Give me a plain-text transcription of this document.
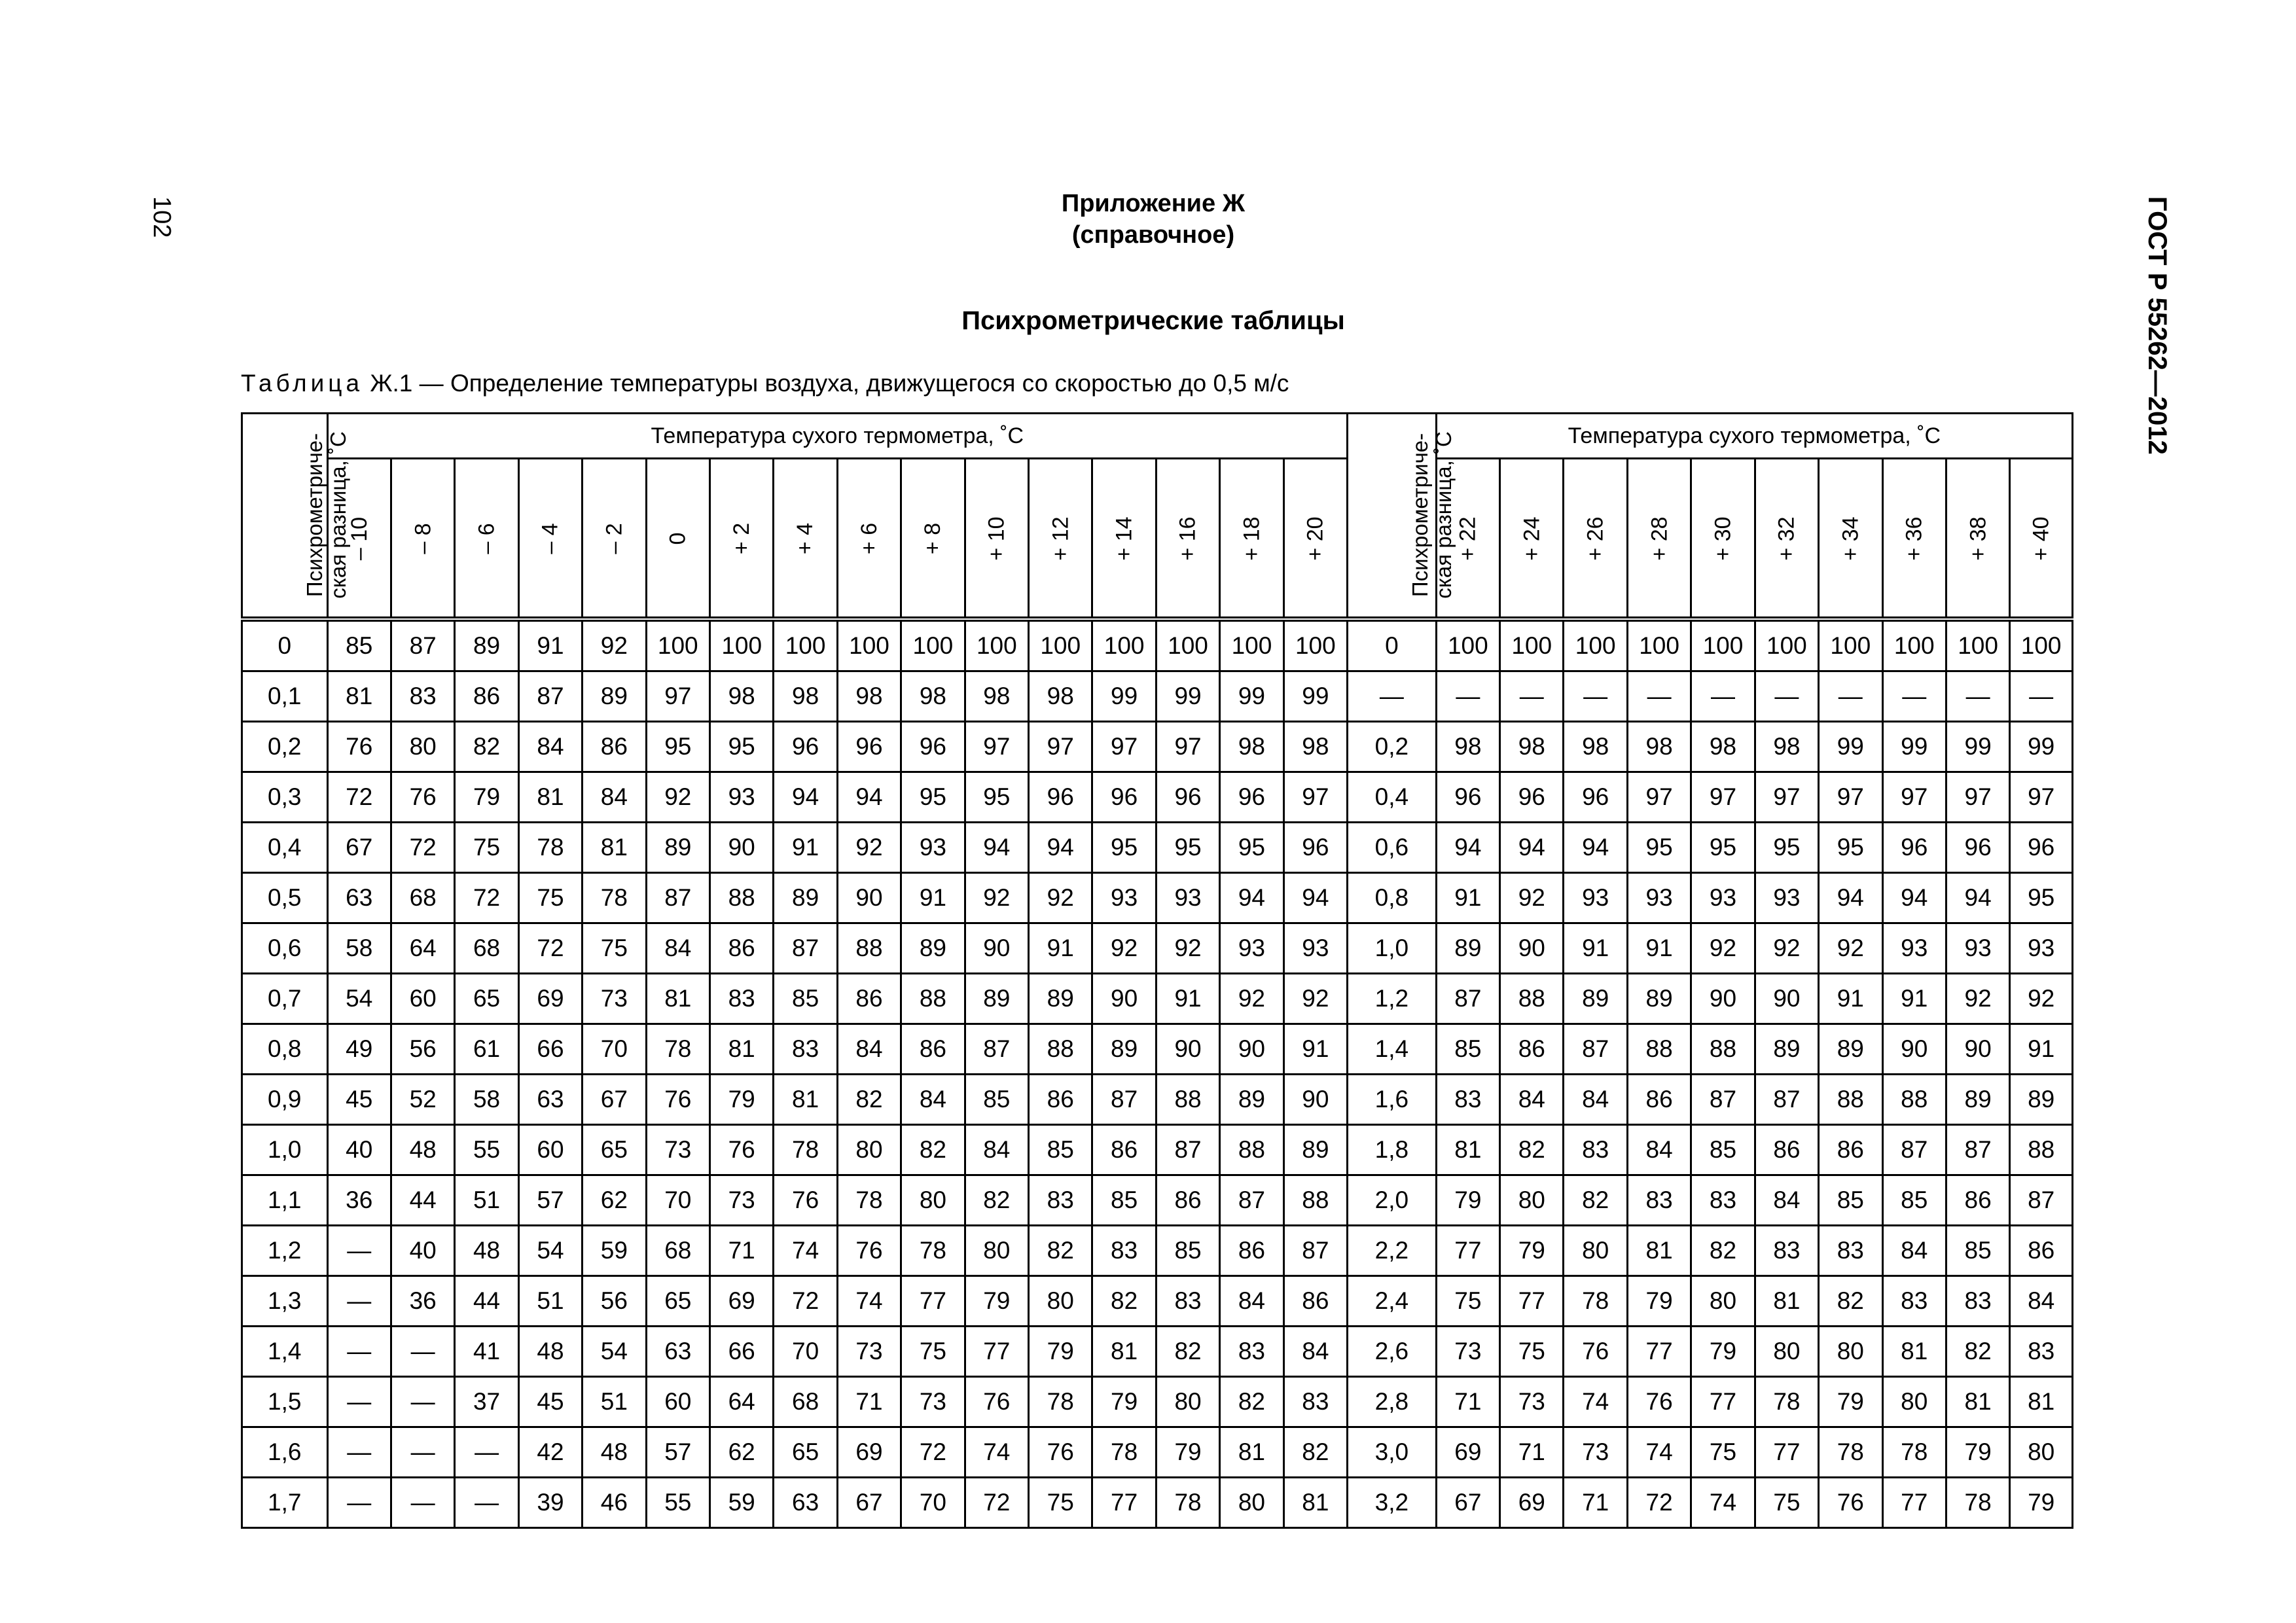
102	ГОСТ Р 55262—2012
Приложение Ж
(справочное)
Психрометрические таблицы
Таблица Ж.1 — Определение температуры воздуха, движущегося со скоростью до 0,5 м/с
Психрометриче-
ская разница, ˚С	Температура сухого термометра, ˚С																Психрометриче-
ская разница, ˚С	Температура сухого термометра, ˚С									
	– 10	– 8	– 6	– 4	– 2	0	+ 2	+ 4	+ 6	+ 8	+ 10	+ 12	+ 14	+ 16	+ 18	+ 20		+ 22	+ 24	+ 26	+ 28	+ 30	+ 32	+ 34	+ 36	+ 38	+ 40
0	85	87	89	91	92	100	100	100	100	100	100	100	100	100	100	100	0	100	100	100	100	100	100	100	100	100	100
0,1	81	83	86	87	89	97	98	98	98	98	98	98	99	99	99	99	—	—	—	—	—	—	—	—	—	—	—
0,2	76	80	82	84	86	95	95	96	96	96	97	97	97	97	98	98	0,2	98	98	98	98	98	98	99	99	99	99
0,3	72	76	79	81	84	92	93	94	94	95	95	96	96	96	96	97	0,4	96	96	96	97	97	97	97	97	97	97
0,4	67	72	75	78	81	89	90	91	92	93	94	94	95	95	95	96	0,6	94	94	94	95	95	95	95	96	96	96
0,5	63	68	72	75	78	87	88	89	90	91	92	92	93	93	94	94	0,8	91	92	93	93	93	93	94	94	94	95
0,6	58	64	68	72	75	84	86	87	88	89	90	91	92	92	93	93	1,0	89	90	91	91	92	92	92	93	93	93
0,7	54	60	65	69	73	81	83	85	86	88	89	89	90	91	92	92	1,2	87	88	89	89	90	90	91	91	92	92
0,8	49	56	61	66	70	78	81	83	84	86	87	88	89	90	90	91	1,4	85	86	87	88	88	89	89	90	90	91
0,9	45	52	58	63	67	76	79	81	82	84	85	86	87	88	89	90	1,6	83	84	84	86	87	87	88	88	89	89
1,0	40	48	55	60	65	73	76	78	80	82	84	85	86	87	88	89	1,8	81	82	83	84	85	86	86	87	87	88
1,1	36	44	51	57	62	70	73	76	78	80	82	83	85	86	87	88	2,0	79	80	82	83	83	84	85	85	86	87
1,2	—	40	48	54	59	68	71	74	76	78	80	82	83	85	86	87	2,2	77	79	80	81	82	83	83	84	85	86
1,3	—	36	44	51	56	65	69	72	74	77	79	80	82	83	84	86	2,4	75	77	78	79	80	81	82	83	83	84
1,4	—	—	41	48	54	63	66	70	73	75	77	79	81	82	83	84	2,6	73	75	76	77	79	80	80	81	82	83
1,5	—	—	37	45	51	60	64	68	71	73	76	78	79	80	82	83	2,8	71	73	74	76	77	78	79	80	81	81
1,6	—	—	—	42	48	57	62	65	69	72	74	76	78	79	81	82	3,0	69	71	73	74	75	77	78	78	79	80
1,7	—	—	—	39	46	55	59	63	67	70	72	75	77	78	80	81	3,2	67	69	71	72	74	75	76	77	78	79
